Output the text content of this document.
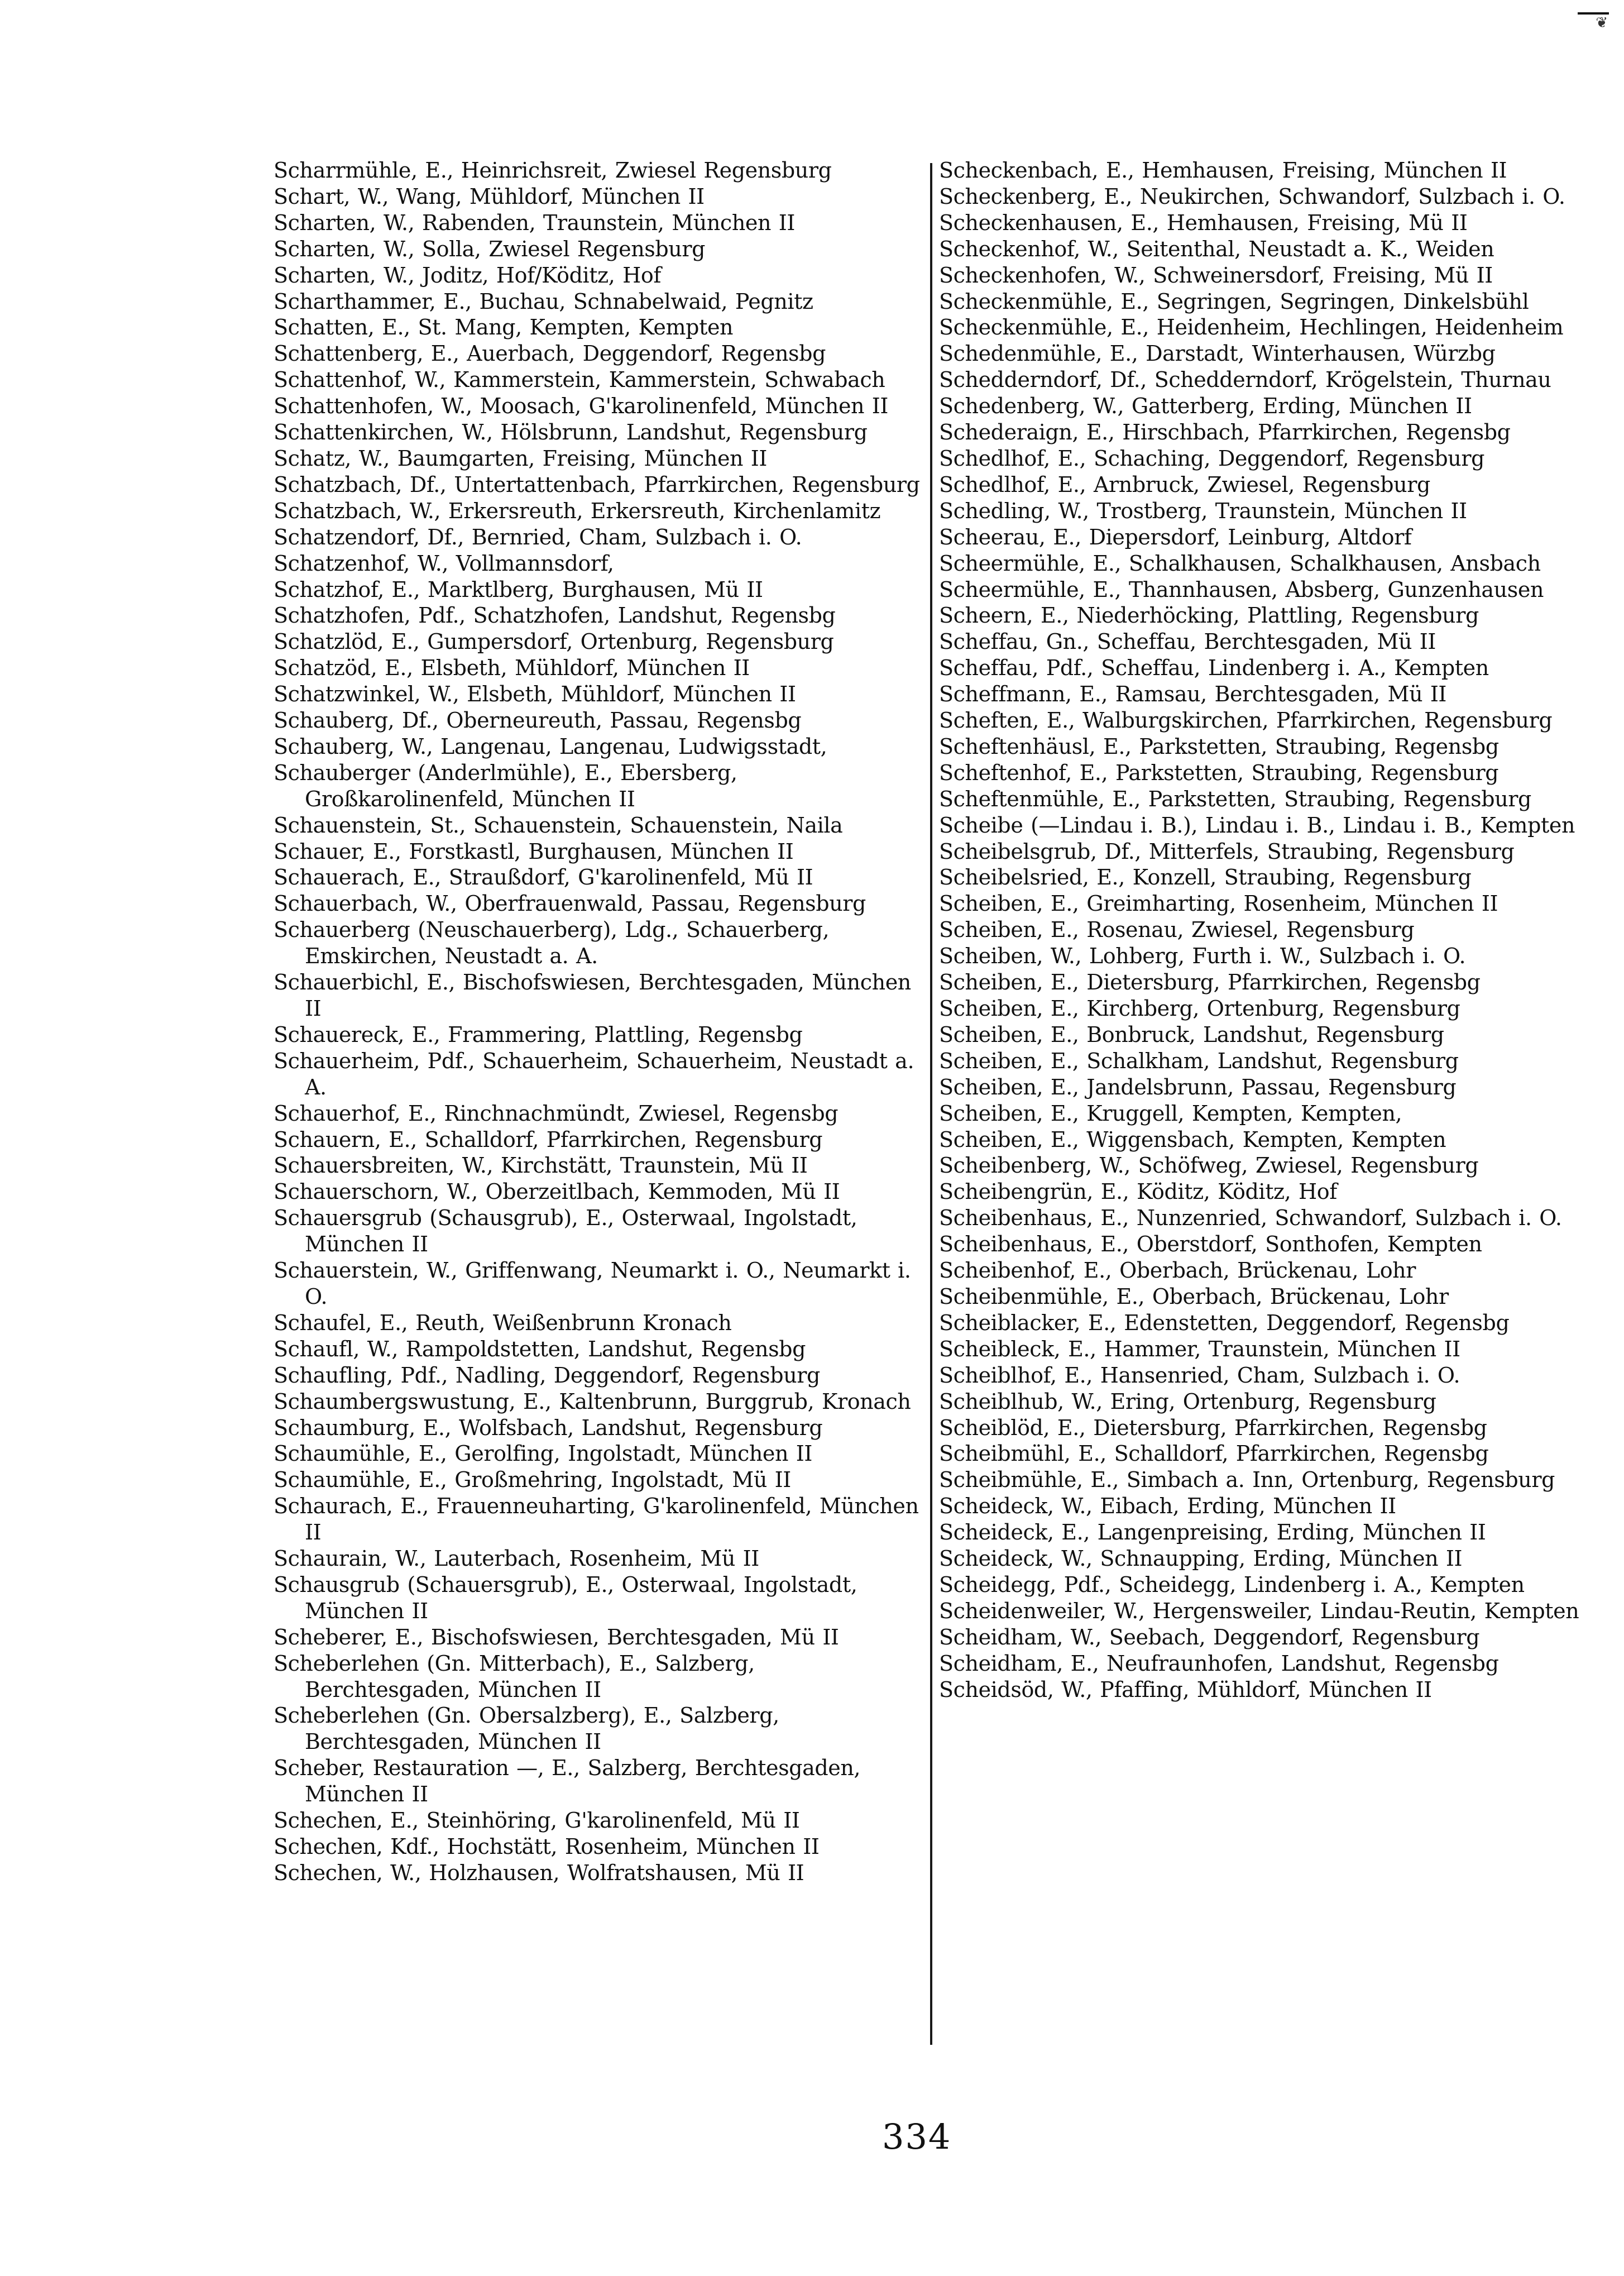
❦

Scharrmühle, E., Heinrichsreit, Zwiesel Regensburg

Schart, W., Wang, Mühldorf, München II

Scharten, W., Rabenden, Traunstein, München II

Scharten, W., Solla, Zwiesel Regensburg

Scharten, W., Joditz, Hof/Köditz, Hof

Scharthammer, E., Buchau, Schnabelwaid, Pegnitz

Schatten, E., St. Mang, Kempten, Kempten

Schattenberg, E., Auerbach, Deggendorf, Regensbg

Schattenhof, W., Kammerstein, Kammerstein, Schwabach

Schattenhofen, W., Moosach, G'karolinenfeld, München II

Schattenkirchen, W., Hölsbrunn, Landshut, Regensburg

Schatz, W., Baumgarten, Freising, München II

Schatzbach, Df., Untertattenbach, Pfarrkirchen, Regensburg

Schatzbach, W., Erkersreuth, Erkersreuth, Kirchenlamitz

Schatzendorf, Df., Bernried, Cham, Sulzbach i. O.

Schatzenhof, W., Vollmannsdorf,

Schatzhof, E., Marktlberg, Burghausen, Mü II

Schatzhofen, Pdf., Schatzhofen, Landshut, Regensbg

Schatzlöd, E., Gumpersdorf, Ortenburg, Regensburg

Schatzöd, E., Elsbeth, Mühldorf, München II

Schatzwinkel, W., Elsbeth, Mühldorf, München II

Schauberg, Df., Oberneureuth, Passau, Regensbg

Schauberg, W., Langenau, Langenau, Ludwigsstadt,

Schauberger (Anderlmühle), E., Ebersberg, Großkarolinenfeld, München II

Schauenstein, St., Schauenstein, Schauenstein, Naila

Schauer, E., Forstkastl, Burghausen, München II

Schauerach, E., Straußdorf, G'karolinenfeld, Mü II

Schauerbach, W., Oberfrauenwald, Passau, Regensburg

Schauerberg (Neuschauerberg), Ldg., Schauerberg, Emskirchen, Neustadt a. A.

Schauerbichl, E., Bischofswiesen, Berchtesgaden, München II

Schauereck, E., Frammering, Plattling, Regensbg

Schauerheim, Pdf., Schauerheim, Schauerheim, Neustadt a. A.

Schauerhof, E., Rinchnachmündt, Zwiesel, Regensbg

Schauern, E., Schalldorf, Pfarrkirchen, Regensburg

Schauersbreiten, W., Kirchstätt, Traunstein, Mü II

Schauerschorn, W., Oberzeitlbach, Kemmoden, Mü II

Schauersgrub (Schausgrub), E., Osterwaal, Ingolstadt, München II

Schauerstein, W., Griffenwang, Neumarkt i. O., Neumarkt i. O.

Schaufel, E., Reuth, Weißenbrunn Kronach

Schaufl, W., Rampoldstetten, Landshut, Regensbg

Schaufling, Pdf., Nadling, Deggendorf, Regensburg

Schaumbergswustung, E., Kaltenbrunn, Burggrub, Kronach

Schaumburg, E., Wolfsbach, Landshut, Regensburg

Schaumühle, E., Gerolfing, Ingolstadt, München II

Schaumühle, E., Großmehring, Ingolstadt, Mü II

Schaurach, E., Frauenneuharting, G'karolinenfeld, München II

Schaurain, W., Lauterbach, Rosenheim, Mü II

Schausgrub (Schauersgrub), E., Osterwaal, Ingolstadt, München II

Scheberer, E., Bischofswiesen, Berchtesgaden, Mü II

Scheberlehen (Gn. Mitterbach), E., Salzberg, Berchtesgaden, München II

Scheberlehen (Gn. Obersalzberg), E., Salzberg, Berchtesgaden, München II

Scheber, Restauration —, E., Salzberg, Berchtesgaden, München II

Schechen, E., Steinhöring, G'karolinenfeld, Mü II

Schechen, Kdf., Hochstätt, Rosenheim, München II

Schechen, W., Holzhausen, Wolfratshausen, Mü II

Scheckenbach, E., Hemhausen, Freising, München II

Scheckenberg, E., Neukirchen, Schwandorf, Sulzbach i. O.

Scheckenhausen, E., Hemhausen, Freising, Mü II

Scheckenhof, W., Seitenthal, Neustadt a. K., Weiden

Scheckenhofen, W., Schweinersdorf, Freising, Mü II

Scheckenmühle, E., Segringen, Segringen, Dinkelsbühl

Scheckenmühle, E., Heidenheim, Hechlingen, Heidenheim

Schedenmühle, E., Darstadt, Winterhausen, Würzbg

Schedderndorf, Df., Schedderndorf, Krögelstein, Thurnau

Schedenberg, W., Gatterberg, Erding, München II

Schederaign, E., Hirschbach, Pfarrkirchen, Regensbg

Schedlhof, E., Schaching, Deggendorf, Regensburg

Schedlhof, E., Arnbruck, Zwiesel, Regensburg

Schedling, W., Trostberg, Traunstein, München II

Scheerau, E., Diepersdorf, Leinburg, Altdorf

Scheermühle, E., Schalkhausen, Schalkhausen, Ansbach

Scheermühle, E., Thannhausen, Absberg, Gunzenhausen

Scheern, E., Niederhöcking, Plattling, Regensburg

Scheffau, Gn., Scheffau, Berchtesgaden, Mü II

Scheffau, Pdf., Scheffau, Lindenberg i. A., Kempten

Scheffmann, E., Ramsau, Berchtesgaden, Mü II

Scheften, E., Walburgskirchen, Pfarrkirchen, Regensburg

Scheftenhäusl, E., Parkstetten, Straubing, Regensbg

Scheftenhof, E., Parkstetten, Straubing, Regensburg

Scheftenmühle, E., Parkstetten, Straubing, Regensburg

Scheibe (—Lindau i. B.), Lindau i. B., Lindau i. B., Kempten

Scheibelsgrub, Df., Mitterfels, Straubing, Regensburg

Scheibelsried, E., Konzell, Straubing, Regensburg

Scheiben, E., Greimharting, Rosenheim, München II

Scheiben, E., Rosenau, Zwiesel, Regensburg

Scheiben, W., Lohberg, Furth i. W., Sulzbach i. O.

Scheiben, E., Dietersburg, Pfarrkirchen, Regensbg

Scheiben, E., Kirchberg, Ortenburg, Regensburg

Scheiben, E., Bonbruck, Landshut, Regensburg

Scheiben, E., Schalkham, Landshut, Regensburg

Scheiben, E., Jandelsbrunn, Passau, Regensburg

Scheiben, E., Kruggell, Kempten, Kempten,

Scheiben, E., Wiggensbach, Kempten, Kempten

Scheibenberg, W., Schöfweg, Zwiesel, Regensburg

Scheibengrün, E., Köditz, Köditz, Hof

Scheibenhaus, E., Nunzenried, Schwandorf, Sulzbach i. O.

Scheibenhaus, E., Oberstdorf, Sonthofen, Kempten

Scheibenhof, E., Oberbach, Brückenau, Lohr

Scheibenmühle, E., Oberbach, Brückenau, Lohr

Scheiblacker, E., Edenstetten, Deggendorf, Regensbg

Scheibleck, E., Hammer, Traunstein, München II

Scheiblhof, E., Hansenried, Cham, Sulzbach i. O.

Scheiblhub, W., Ering, Ortenburg, Regensburg

Scheiblöd, E., Dietersburg, Pfarrkirchen, Regensbg

Scheibmühl, E., Schalldorf, Pfarrkirchen, Regensbg

Scheibmühle, E., Simbach a. Inn, Ortenburg, Regensburg

Scheideck, W., Eibach, Erding, München II

Scheideck, E., Langenpreising, Erding, München II

Scheideck, W., Schnaupping, Erding, München II

Scheidegg, Pdf., Scheidegg, Lindenberg i. A., Kempten

Scheidenweiler, W., Hergensweiler, Lindau-Reutin, Kempten

Scheidham, W., Seebach, Deggendorf, Regensburg

Scheidham, E., Neufraunhofen, Landshut, Regensbg

Scheidsöd, W., Pfaffing, Mühldorf, München II

334
